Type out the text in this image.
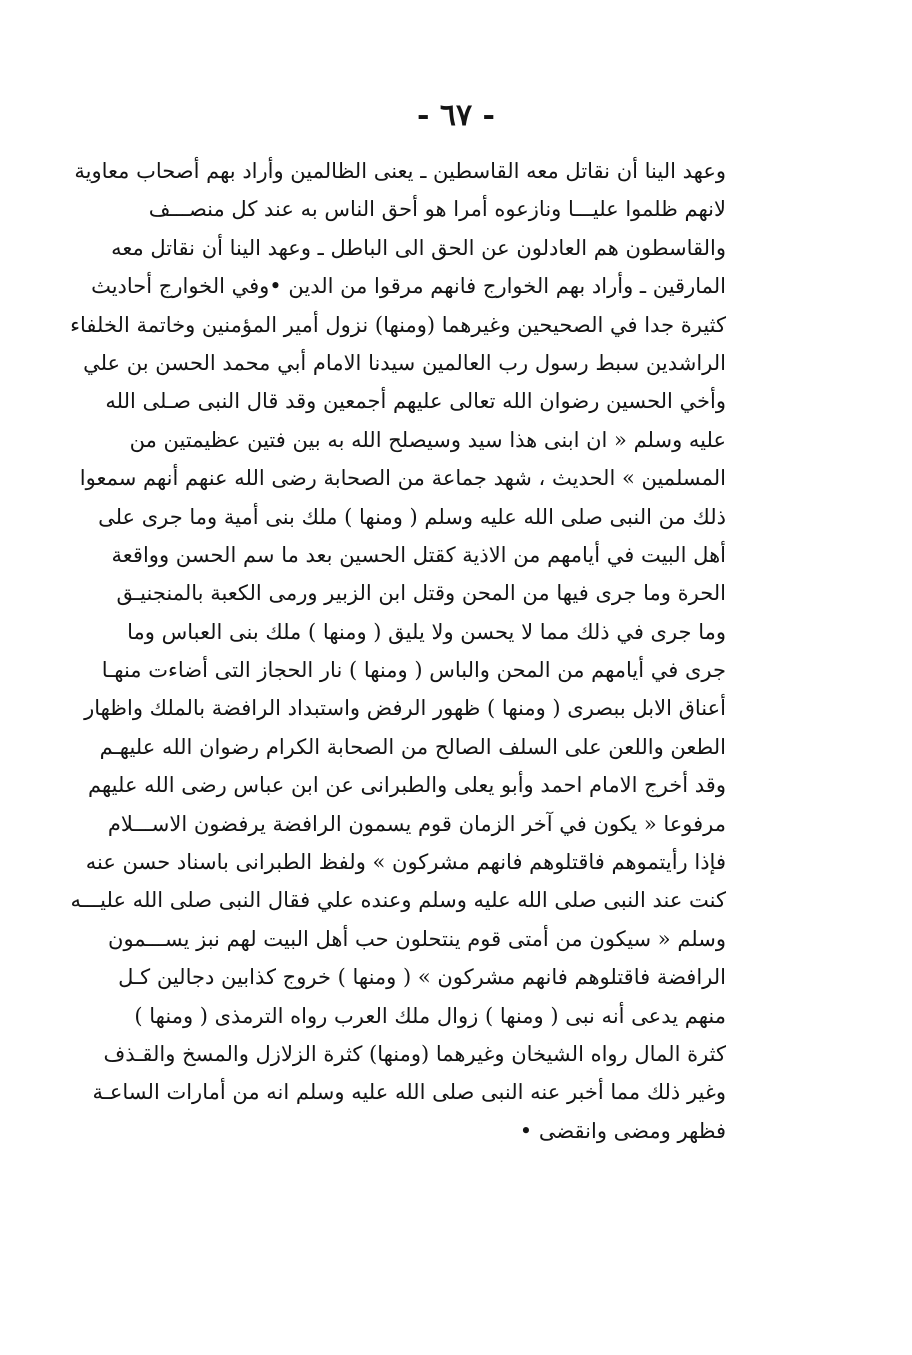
- ٦٧ -
وعهد الينا أن نقاتل معه القاسطين ـ يعنى الظالمين وأراد بهم أصحاب معاوية
لانهم ظلموا عليـــا ونازعوه أمرا هو أحق الناس به عند كل منصـــف
والقاسطون هم العادلون عن الحق الى الباطل ـ وعهد الينا أن نقاتل معه
المارقين ـ وأراد بهم الخوارج فانهم مرقوا من الدين •وفي الخوارج أحاديث
كثيرة جدا في الصحيحين وغيرهما (ومنها) نزول أمير المؤمنين وخاتمة الخلفاء
الراشدين سبط رسول رب العالمين سيدنا الامام أبي محمد الحسن بن علي
وأخي الحسين رضوان الله تعالى عليهم أجمعين وقد قال النبى صـلى الله
عليه وسلم « ان ابنى هذا سيد وسيصلح الله به بين فتين عظيمتين من
المسلمين » الحديث ، شهد جماعة من الصحابة رضى الله عنهم أنهم سمعوا
ذلك من النبى صلى الله عليه وسلم ( ومنها ) ملك بنى أمية وما جرى على
أهل البيت في أيامهم من الاذية كقتل الحسين بعد ما سم الحسن وواقعة
الحرة وما جرى فيها من المحن وقتل ابن الزبير ورمى الكعبة بالمنجنيـق
وما جرى في ذلك مما لا يحسن ولا يليق ( ومنها ) ملك بنى العباس وما
جرى في أيامهم من المحن والباس ( ومنها ) نار الحجاز التى أضاءت منهـا
أعناق الابل ببصرى ( ومنها ) ظهور الرفض واستبداد الرافضة بالملك واظهار
الطعن واللعن على السلف الصالح من الصحابة الكرام رضوان الله عليهـم
وقد أخرج الامام احمد وأبو يعلى والطبرانى عن ابن عباس رضى الله عليهم
مرفوعا « يكون في آخر الزمان قوم يسمون الرافضة يرفضون الاســـلام
فإذا رأيتموهم فاقتلوهم فانهم مشركون » ولفظ الطبرانى باسناد حسن عنه
كنت عند النبى صلى الله عليه وسلم وعنده علي فقال النبى صلى الله عليـــه
وسلم « سيكون من أمتى قوم ينتحلون حب أهل البيت لهم نبز يســـمون
الرافضة فاقتلوهم فانهم مشركون » ( ومنها ) خروج كذابين دجالين كـل
منهم يدعى أنه نبى ( ومنها ) زوال ملك العرب رواه الترمذى ( ومنها )
كثرة المال رواه الشيخان وغيرهما (ومنها) كثرة الزلازل والمسخ والقـذف
وغير ذلك مما أخبر عنه النبى صلى الله عليه وسلم انه من أمارات الساعـة
فظهر ومضى وانقضى •
